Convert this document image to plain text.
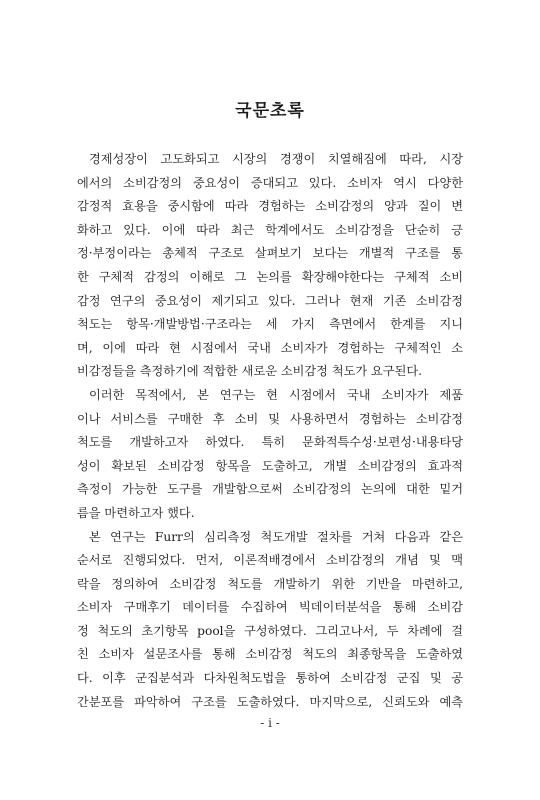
국문초록
경제성장이 고도화되고 시장의 경쟁이 치열해짐에 따라, 시장
에서의 소비감정의 중요성이 증대되고 있다. 소비자 역시 다양한
감정적 효용을 중시함에 따라 경험하는 소비감정의 양과 질이 변
화하고 있다. 이에 따라 최근 학계에서도 소비감정을 단순히 긍
정·부정이라는 총체적 구조로 살펴보기 보다는 개별적 구조를 통
한 구체적 감정의 이해로 그 논의를 확장해야한다는 구체적 소비
감정 연구의 중요성이 제기되고 있다. 그러나 현재 기존 소비감정
척도는 항목·개발방법·구조라는 세 가지 측면에서 한계를 지니
며, 이에 따라 현 시점에서 국내 소비자가 경험하는 구체적인 소
비감정들을 측정하기에 적합한 새로운 소비감정 척도가 요구된다.
이러한 목적에서, 본 연구는 현 시점에서 국내 소비자가 제품
이나 서비스를 구매한 후 소비 및 사용하면서 경험하는 소비감정
척도를 개발하고자 하였다. 특히 문화적특수성·보편성·내용타당
성이 확보된 소비감정 항목을 도출하고, 개별 소비감정의 효과적
측정이 가능한 도구를 개발함으로써 소비감정의 논의에 대한 밑거
름을 마련하고자 했다.
본 연구는 Furr의 심리측정 척도개발 절차를 거쳐 다음과 같은
순서로 진행되었다. 먼저, 이론적배경에서 소비감정의 개념 및 맥
락을 정의하여 소비감정 척도를 개발하기 위한 기반을 마련하고,
소비자 구매후기 데이터를 수집하여 빅데이터분석을 통해 소비감
정 척도의 초기항목 pool을 구성하였다. 그리고나서, 두 차례에 걸
친 소비자 설문조사를 통해 소비감정 척도의 최종항목을 도출하였
다. 이후 군집분석과 다차원척도법을 통하여 소비감정 군집 및 공
간분포를 파악하여 구조를 도출하였다. 마지막으로, 신뢰도와 예측
- i -
